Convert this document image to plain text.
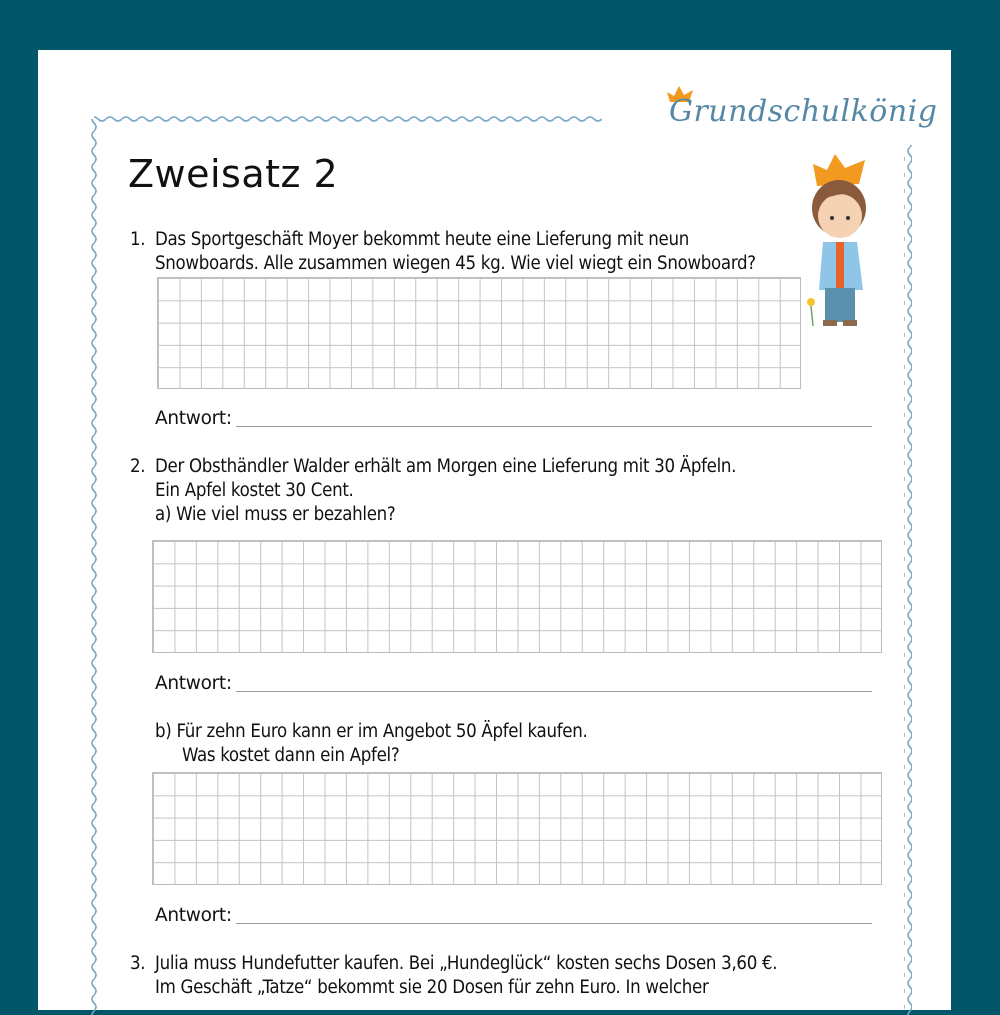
Grundschulkönig
Zweisatz 2
1. Das Sportgeschäft Moyer bekommt heute eine Lieferung mit neun
Snowboards. Alle zusammen wiegen 45 kg. Wie viel wiegt ein Snowboard?
Antwort:
2. Der Obsthändler Walder erhält am Morgen eine Lieferung mit 30 Äpfeln.
Ein Apfel kostet 30 Cent.
a) Wie viel muss er bezahlen?
Antwort:
b) Für zehn Euro kann er im Angebot 50 Äpfel kaufen.
Was kostet dann ein Apfel?
Antwort:
3. Julia muss Hundefutter kaufen. Bei „Hundeglück“ kosten sechs Dosen 3,60 €.
Im Geschäft „Tatze“ bekommt sie 20 Dosen für zehn Euro. In welcher
